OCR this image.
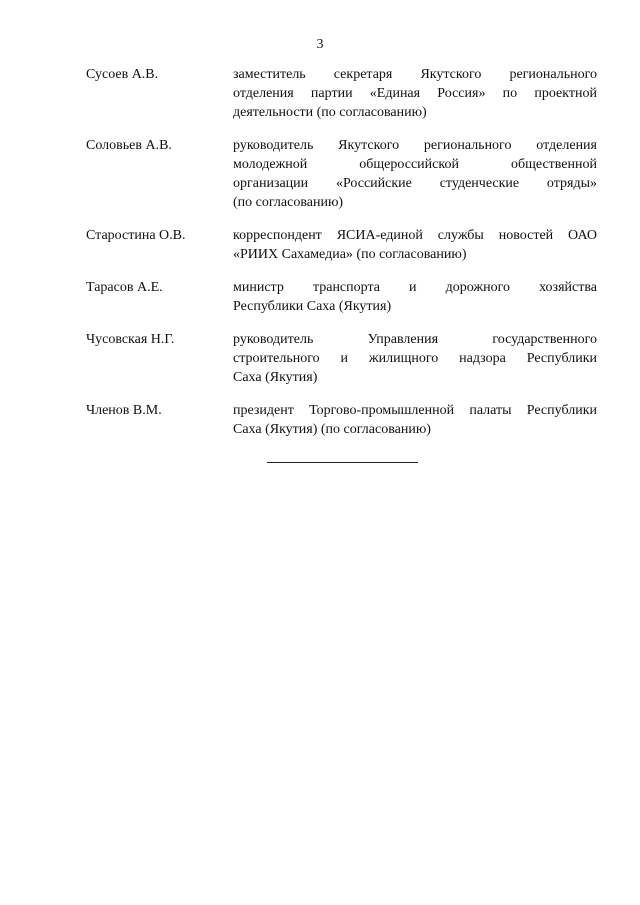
3
Сусоев А.В.	заместитель секретаря Якутского регионального
отделения партии «Единая Россия» по проектной
деятельности (по согласованию)
Соловьев А.В.	руководитель Якутского регионального отделения
молодежной общероссийской общественной
организации «Российские студенческие отряды»
(по согласованию)
Старостина О.В.	корреспондент ЯСИА-единой службы новостей ОАО
«РИИХ Сахамедиа» (по согласованию)
Тарасов А.Е.	министр транспорта и дорожного хозяйства
Республики Саха (Якутия)
Чусовская Н.Г.	руководитель Управления государственного
строительного и жилищного надзора Республики
Саха (Якутия)
Членов В.М.	президент Торгово-промышленной палаты Республики
Саха (Якутия) (по согласованию)
